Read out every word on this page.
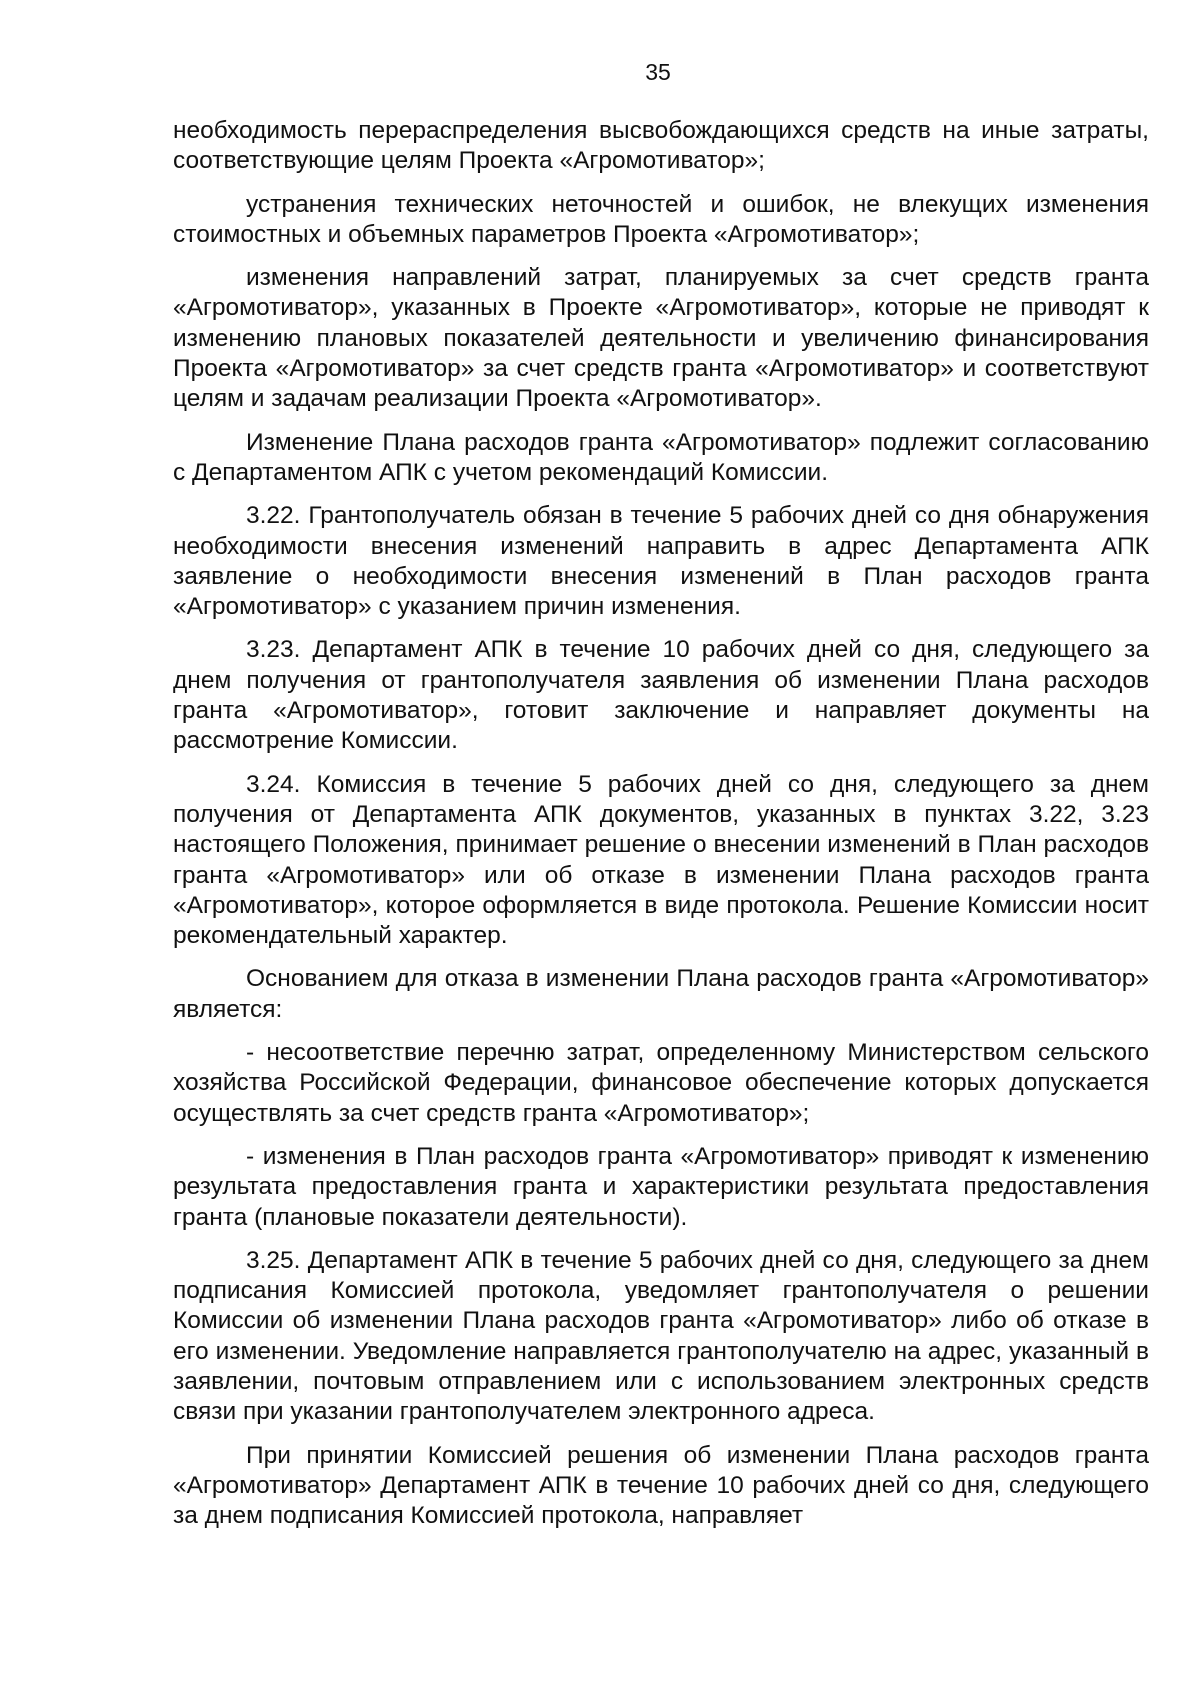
35

необходимость перераспределения высвобождающихся средств на иные затраты, соответствующие целям Проекта «Агромотиватор»;

устранения технических неточностей и ошибок, не влекущих изменения стоимостных и объемных параметров Проекта «Агромотиватор»;

изменения направлений затрат, планируемых за счет средств гранта «Агромотиватор», указанных в Проекте «Агромотиватор», которые не приводят к изменению плановых показателей деятельности и увеличению финансирования Проекта «Агромотиватор» за счет средств гранта «Агромотиватор» и соответствуют целям и задачам реализации Проекта «Агромотиватор».

Изменение Плана расходов гранта «Агромотиватор» подлежит согласованию с Департаментом АПК с учетом рекомендаций Комиссии.

3.22. Грантополучатель обязан в течение 5 рабочих дней со дня обнаружения необходимости внесения изменений направить в адрес Департамента АПК заявление о необходимости внесения изменений в План расходов гранта «Агромотиватор» с указанием причин изменения.

3.23. Департамент АПК в течение 10 рабочих дней со дня, следующего за днем получения от грантополучателя заявления об изменении Плана расходов гранта «Агромотиватор», готовит заключение и направляет документы на рассмотрение Комиссии.

3.24. Комиссия в течение 5 рабочих дней со дня, следующего за днем получения от Департамента АПК документов, указанных в пунктах 3.22, 3.23 настоящего Положения, принимает решение о внесении изменений в План расходов гранта «Агромотиватор» или об отказе в изменении Плана расходов гранта «Агромотиватор», которое оформляется в виде протокола. Решение Комиссии носит рекомендательный характер.

Основанием для отказа в изменении Плана расходов гранта «Агромотиватор» является:

- несоответствие перечню затрат, определенному Министерством сельского хозяйства Российской Федерации, финансовое обеспечение которых допускается осуществлять за счет средств гранта «Агромотиватор»;

- изменения в План расходов гранта «Агромотиватор» приводят к изменению результата предоставления гранта и характеристики результата предоставления гранта (плановые показатели деятельности).

3.25. Департамент АПК в течение 5 рабочих дней со дня, следующего за днем подписания Комиссией протокола, уведомляет грантополучателя о решении Комиссии об изменении Плана расходов гранта «Агромотиватор» либо об отказе в его изменении. Уведомление направляется грантополучателю на адрес, указанный в заявлении, почтовым отправлением или с использованием электронных средств связи при указании грантополучателем электронного адреса.

При принятии Комиссией решения об изменении Плана расходов гранта «Агромотиватор» Департамент АПК в течение 10 рабочих дней со дня, следующего за днем подписания Комиссией протокола, направляет
